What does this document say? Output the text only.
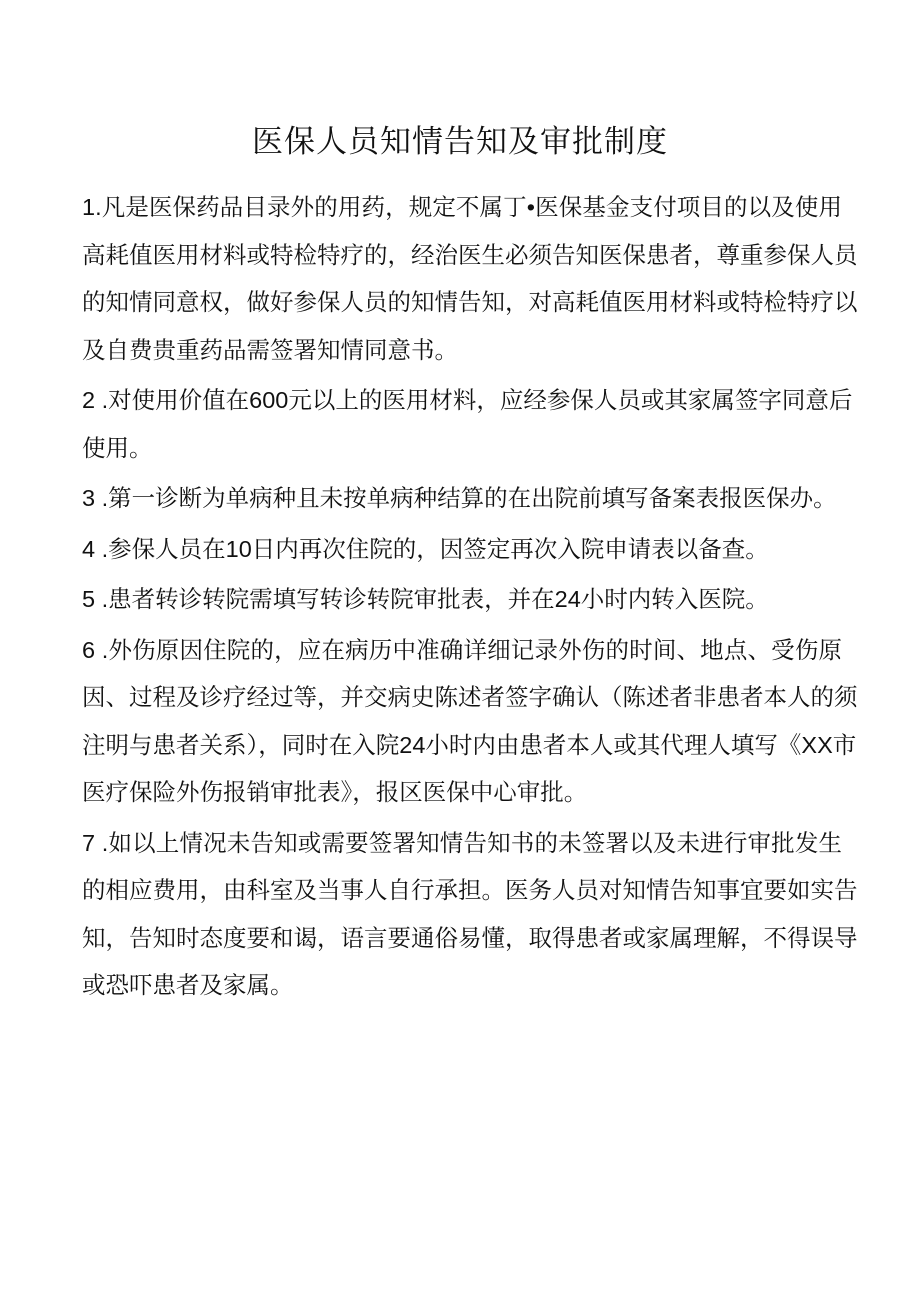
医保人员知情告知及审批制度
1.凡是医保药品目录外的用药，规定不属丁•医保基金支付项目的以及使用
高耗值医用材料或特检特疗的，经治医生必须告知医保患者，尊重参保人员
的知情同意权，做好参保人员的知情告知，对高耗值医用材料或特检特疗以
及自费贵重药品需签署知情同意书。
2 .对使用价值在600元以上的医用材料，应经参保人员或其家属签字同意后
使用。
3 .第一诊断为单病种且未按单病种结算的在出院前填写备案表报医保办。
4 .参保人员在10日内再次住院的，因签定再次入院申请表以备查。
5 .患者转诊转院需填写转诊转院审批表，并在24小时内转入医院。
6 .外伤原因住院的，应在病历中准确详细记录外伤的时间、地点、受伤原
因、过程及诊疗经过等，并交病史陈述者签字确认（陈述者非患者本人的须
注明与患者关系），同时在入院24小时内由患者本人或其代理人填写《XX市
医疗保险外伤报销审批表》，报区医保中心审批。
7 .如以上情况未告知或需要签署知情告知书的未签署以及未进行审批发生
的相应费用，由科室及当事人自行承担。医务人员对知情告知事宜要如实告
知，告知时态度要和谒，语言要通俗易懂，取得患者或家属理解，不得误导
或恐吓患者及家属。
